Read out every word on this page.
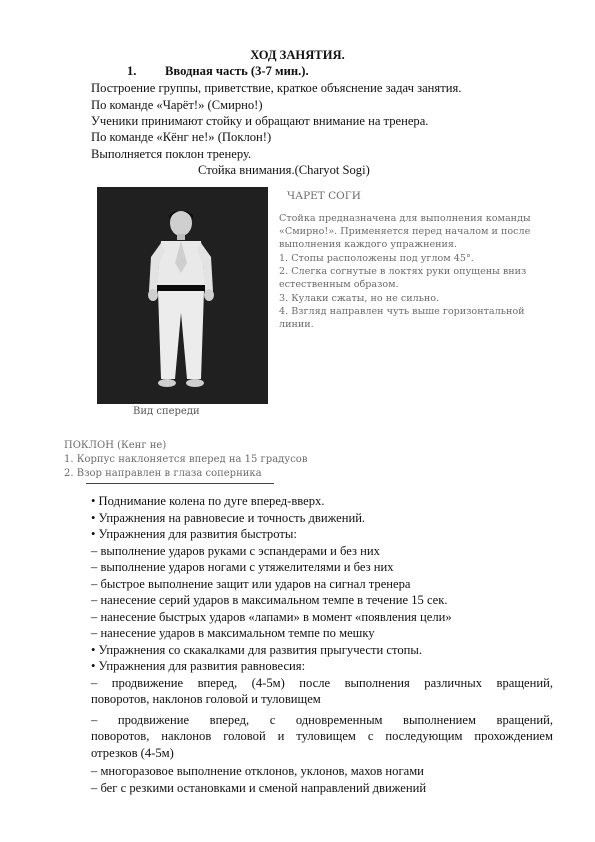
ХОД ЗАНЯТИЯ.
1. Вводная часть (3-7 мин.).
Построение группы, приветствие, краткое объяснение задач занятия.
По команде «Чарёт!» (Смирно!)
Ученики принимают стойку и обращают внимание на тренера.
По команде «Кёнг не!» (Поклон!)
Выполняется поклон тренеру.
Стойка внимания.(Charyot Sogi)
Вид спереди
ЧАРЕТ СОГИ
Стойка предназначена для выполнения команды
«Смирно!». Применяется перед началом и после
выполнения каждого упражнения.
1. Стопы расположены под углом 45°.
2. Слегка согнутые в локтях руки опущены вниз
естественным образом.
3. Кулаки сжаты, но не сильно.
4. Взгляд направлен чуть выше горизонтальной
линии.
ПОКЛОН (Кенг не)
1. Корпус наклоняется вперед на 15 градусов
2. Взор направлен в глаза соперника
• Поднимание колена по дуге вперед-вверх.
• Упражнения на равновесие и точность движений.
• Упражнения для развития быстроты:
– выполнение ударов руками с эспандерами и без них
– выполнение ударов ногами с утяжелителями и без них
– быстрое выполнение защит или ударов на сигнал тренера
– нанесение серий ударов в максимальном темпе в течение 15 сек.
– нанесение быстрых ударов «лапами» в момент «появления цели»
– нанесение ударов в максимальном темпе по мешку
• Упражнения со скакалками для развития прыгучести стопы.
• Упражнения для развития равновесия:
– продвижение вперед, (4-5м) после выполнения различных вращений,
поворотов, наклонов головой и туловищем
– продвижение вперед, с одновременным выполнением вращений,
поворотов, наклонов головой и туловищем с последующим прохождением
отрезков (4-5м)
– многоразовое выполнение отклонов, уклонов, махов ногами
– бег с резкими остановками и сменой направлений движений
